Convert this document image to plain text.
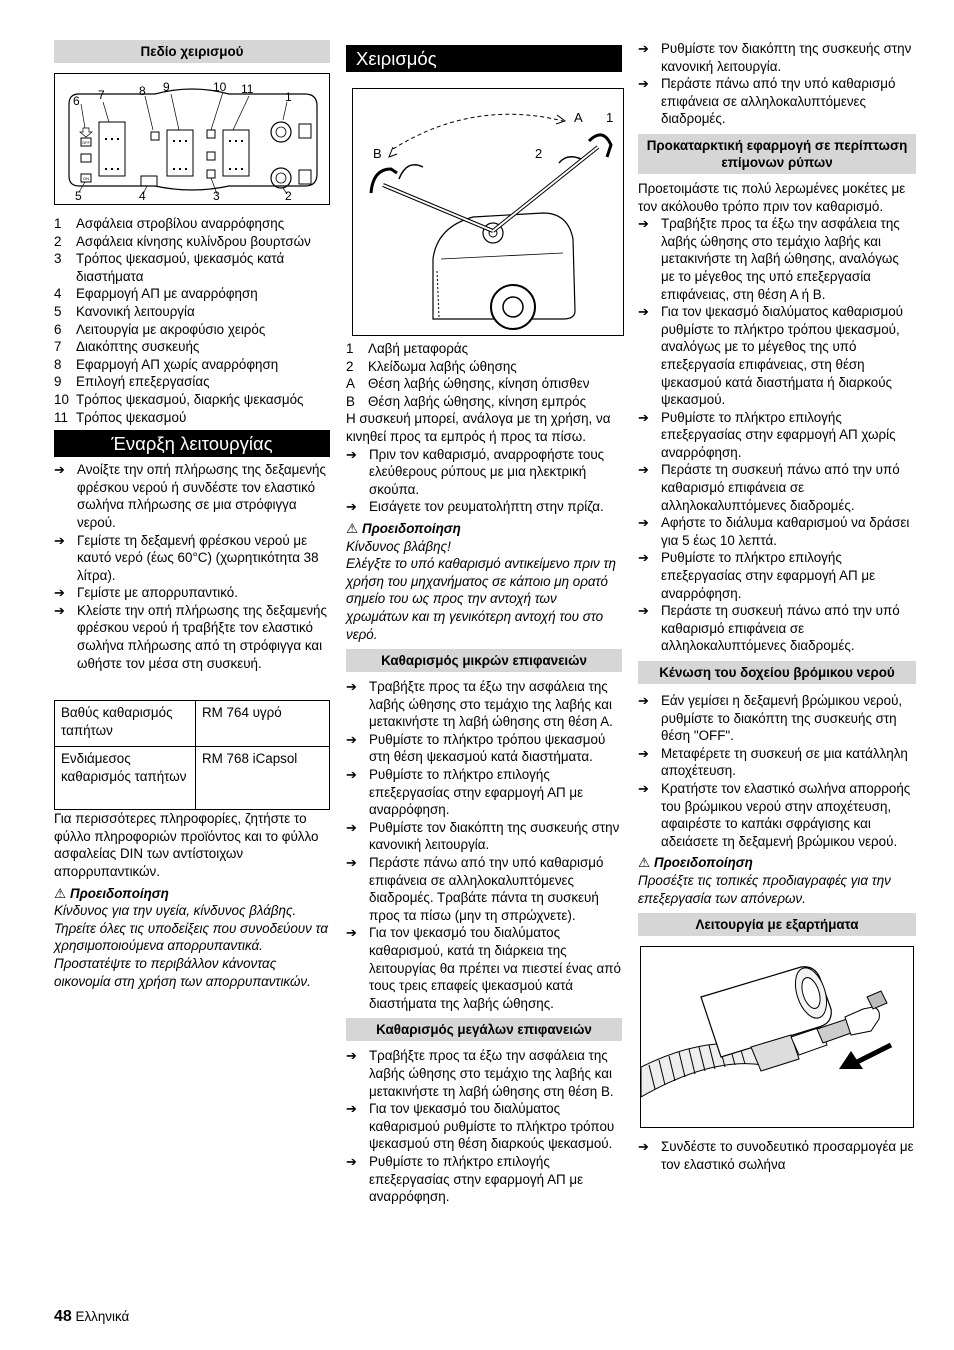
Πεδίο χειρισμού
OFF
ON
6 7	8 9	10 11
1
5	4	3	2
1	Ασφάλεια στροβίλου αναρρόφησης
2	Ασφάλεια κίνησης κυλίνδρου βουρτσών
3	Τρόπος ψεκασμού, ψεκασμός κατά διαστήματα
4	Εφαρμογή ΑΠ με αναρρόφηση
5	Κανονική λειτουργία
6	Λειτουργία με ακροφύσιο χειρός
7	Διακόπτης συσκευής
8	Εφαρμογή ΑΠ χωρίς αναρρόφηση
9	Επιλογή επεξεργασίας
10 Τρόπος ψεκασμού, διαρκής ψεκασμός
11 Τρόπος ψεκασμού
Έναρξη λειτουργίας
➔ Ανοίξτε την οπή πλήρωσης της δεξαμενής φρέσκου νερού ή συνδέστε τον ελαστικό σωλήνα πλήρωσης σε μια στρόφιγγα νερού.
➔ Γεμίστε τη δεξαμενή φρέσκου νερού με καυτό νερό (έως 60°C) (χωρητικότητα 38 λίτρα).
➔ Γεμίστε με απορρυπαντικό.
➔ Κλείστε την οπή πλήρωσης της δεξαμενής φρέσκου νερού ή τραβήξτε τον ελαστικό σωλήνα πλήρωσης από τη στρόφιγγα και ωθήστε τον μέσα στη συσκευή.
Βαθύς καθαρισμός ταπήτων	RM 764 υγρό
Ενδιάμεσος καθαρισμός ταπήτων	RM 768 iCapsol
Για περισσότερες πληροφορίες, ζητήστε το φύλλο πληροφοριών προϊόντος και το φύλλο ασφαλείας DIN των αντίστοιχων απορρυπαντικών.
⚠ Προειδοποίηση
Κίνδυνος για την υγεία, κίνδυνος βλάβης. Τηρείτε όλες τις υποδείξεις που συνοδεύουν τα χρησιμοποιούμενα απορρυπαντικά.
Προστατέψτε το περιβάλλον κάνοντας οικονομία στη χρήση των απορρυπαντικών.
Χειρισμός
A 1
B	2
1	Λαβή μεταφοράς
2	Κλείδωμα λαβής ώθησης
A Θέση λαβής ώθησης, κίνηση όπισθεν
B Θέση λαβής ώθησης, κίνηση εμπρός
Η συσκευή μπορεί, ανάλογα με τη χρήση, να κινηθεί προς τα εμπρός ή προς τα πίσω.
➔ Πριν τον καθαρισμό, αναρροφήστε τους ελεύθερους ρύπους με μια ηλεκτρική σκούπα.
➔ Εισάγετε τον ρευματολήπτη στην πρίζα.
⚠ Προειδοποίηση
Κίνδυνος βλάβης!
Ελέγξτε το υπό καθαρισμό αντικείμενο πριν τη χρήση του μηχανήματος σε κάποιο μη ορατό σημείο του ως προς την αντοχή των χρωμάτων και τη γενικότερη αντοχή του στο νερό.
Καθαρισμός μικρών επιφανειών
➔ Τραβήξτε προς τα έξω την ασφάλεια της λαβής ώθησης στο τεμάχιο της λαβής και μετακινήστε τη λαβή ώθησης στη θέση Α.
➔ Ρυθμίστε το πλήκτρο τρόπου ψεκασμού στη θέση ψεκασμού κατά διαστήματα.
➔ Ρυθμίστε το πλήκτρο επιλογής επεξεργασίας στην εφαρμογή ΑΠ με αναρρόφηση.
➔ Ρυθμίστε τον διακόπτη της συσκευής στην κανονική λειτουργία.
➔ Περάστε πάνω από την υπό καθαρισμό επιφάνεια σε αλληλοκαλυπτόμενες διαδρομές. Τραβάτε πάντα τη συσκευή προς τα πίσω (μην τη σπρώχνετε).
➔ Για τον ψεκασμό του διαλύματος καθαρισμού, κατά τη διάρκεια της λειτουργίας θα πρέπει να πιεστεί ένας από τους τρεις επαφείς ψεκασμού κατά διαστήματα της λαβής ώθησης.
Καθαρισμός μεγάλων επιφανειών
➔ Τραβήξτε προς τα έξω την ασφάλεια της λαβής ώθησης στο τεμάχιο της λαβής και μετακινήστε τη λαβή ώθησης στη θέση Β.
➔ Για τον ψεκασμό του διαλύματος καθαρισμού ρυθμίστε το πλήκτρο τρόπου ψεκασμού στη θέση διαρκούς ψεκασμού.
➔ Ρυθμίστε το πλήκτρο επιλογής επεξεργασίας στην εφαρμογή ΑΠ με αναρρόφηση.
➔ Ρυθμίστε τον διακόπτη της συσκευής στην κανονική λειτουργία.
➔ Περάστε πάνω από την υπό καθαρισμό επιφάνεια σε αλληλοκαλυπτόμενες διαδρομές.
Προκαταρκτική εφαρμογή σε περίπτωση επίμονων ρύπων
Προετοιμάστε τις πολύ λερωμένες μοκέτες με τον ακόλουθο τρόπο πριν τον καθαρισμό.
➔ Τραβήξτε προς τα έξω την ασφάλεια της λαβής ώθησης στο τεμάχιο λαβής και μετακινήστε τη λαβή ώθησης, αναλόγως με το μέγεθος της υπό επεξεργασία επιφάνειας, στη θέση Α ή Β.
➔ Για τον ψεκασμό διαλύματος καθαρισμού ρυθμίστε το πλήκτρο τρόπου ψεκασμού, αναλόγως με το μέγεθος της υπό επεξεργασία επιφάνειας, στη θέση ψεκασμού κατά διαστήματα ή διαρκούς ψεκασμού.
➔ Ρυθμίστε το πλήκτρο επιλογής επεξεργασίας στην εφαρμογή ΑΠ χωρίς αναρρόφηση.
➔ Περάστε τη συσκευή πάνω από την υπό καθαρισμό επιφάνεια σε αλληλοκαλυπτόμενες διαδρομές.
➔ Αφήστε το διάλυμα καθαρισμού να δράσει για 5 έως 10 λεπτά.
➔ Ρυθμίστε το πλήκτρο επιλογής επεξεργασίας στην εφαρμογή ΑΠ με αναρρόφηση.
➔ Περάστε τη συσκευή πάνω από την υπό καθαρισμό επιφάνεια σε αλληλοκαλυπτόμενες διαδρομές.
Κένωση του δοχείου βρόμικου νερού
➔ Εάν γεμίσει η δεξαμενή βρώμικου νερού, ρυθμίστε το διακόπτη της συσκευής στη θέση "OFF".
➔ Μεταφέρετε τη συσκευή σε μια κατάλληλη αποχέτευση.
➔ Κρατήστε τον ελαστικό σωλήνα απορροής του βρώμικου νερού στην αποχέτευση, αφαιρέστε το καπάκι σφράγισης και αδειάσετε τη δεξαμενή βρώμικου νερού.
⚠ Προειδοποίηση
Προσέξτε τις τοπικές προδιαγραφές για την επεξεργασία των απόνερων.
Λειτουργία με εξαρτήματα
➔ Συνδέστε το συνοδευτικό προσαρμογέα με τον ελαστικό σωλήνα
48 Ελληνικά
